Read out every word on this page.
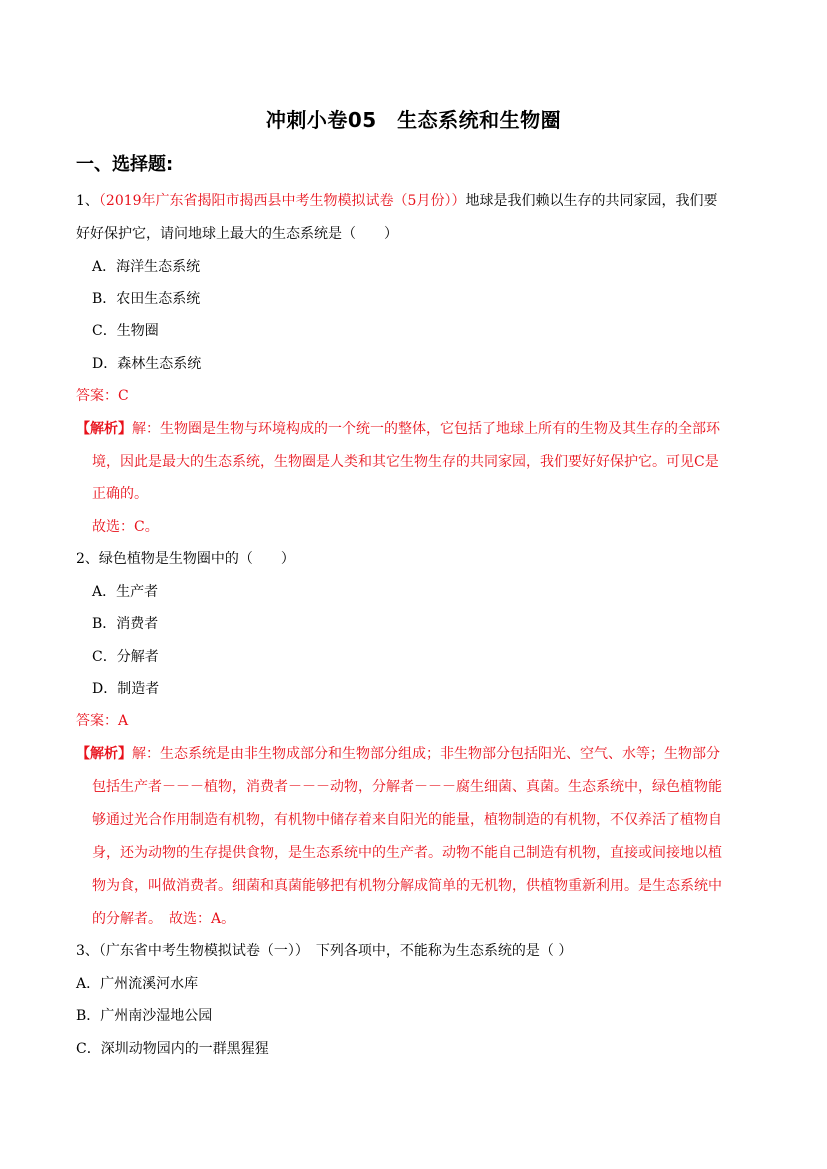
冲刺小卷05　生态系统和生物圈
一、选择题:
1、（2019年广东省揭阳市揭西县中考生物模拟试卷（5月份））地球是我们赖以生存的共同家园，我们要
好好保护它，请问地球上最大的生态系统是（　　）
A．海洋生态系统
B．农田生态系统
C．生物圈
D．森林生态系统
答案：C
【解析】解：生物圈是生物与环境构成的一个统一的整体，它包括了地球上所有的生物及其生存的全部环
境，因此是最大的生态系统，生物圈是人类和其它生物生存的共同家园，我们要好好保护它。可见C是
正确的。
故选：C。
2、绿色植物是生物圈中的（　　）
A．生产者
B．消费者
C．分解者
D．制造者
答案：A
【解析】解：生态系统是由非生物成部分和生物部分组成；非生物部分包括阳光、空气、水等；生物部分
包括生产者－－－植物，消费者－－－动物，分解者－－－腐生细菌、真菌。生态系统中，绿色植物能
够通过光合作用制造有机物，有机物中储存着来自阳光的能量，植物制造的有机物，不仅养活了植物自
身，还为动物的生存提供食物，是生态系统中的生产者。动物不能自己制造有机物，直接或间接地以植
物为食，叫做消费者。细菌和真菌能够把有机物分解成简单的无机物，供植物重新利用。是生态系统中
的分解者。　故选：A。
3、（广东省中考生物模拟试卷（一））　下列各项中，不能称为生态系统的是（ ）
A．广州流溪河水库
B．广州南沙湿地公园
C．深圳动物园内的一群黑猩猩
